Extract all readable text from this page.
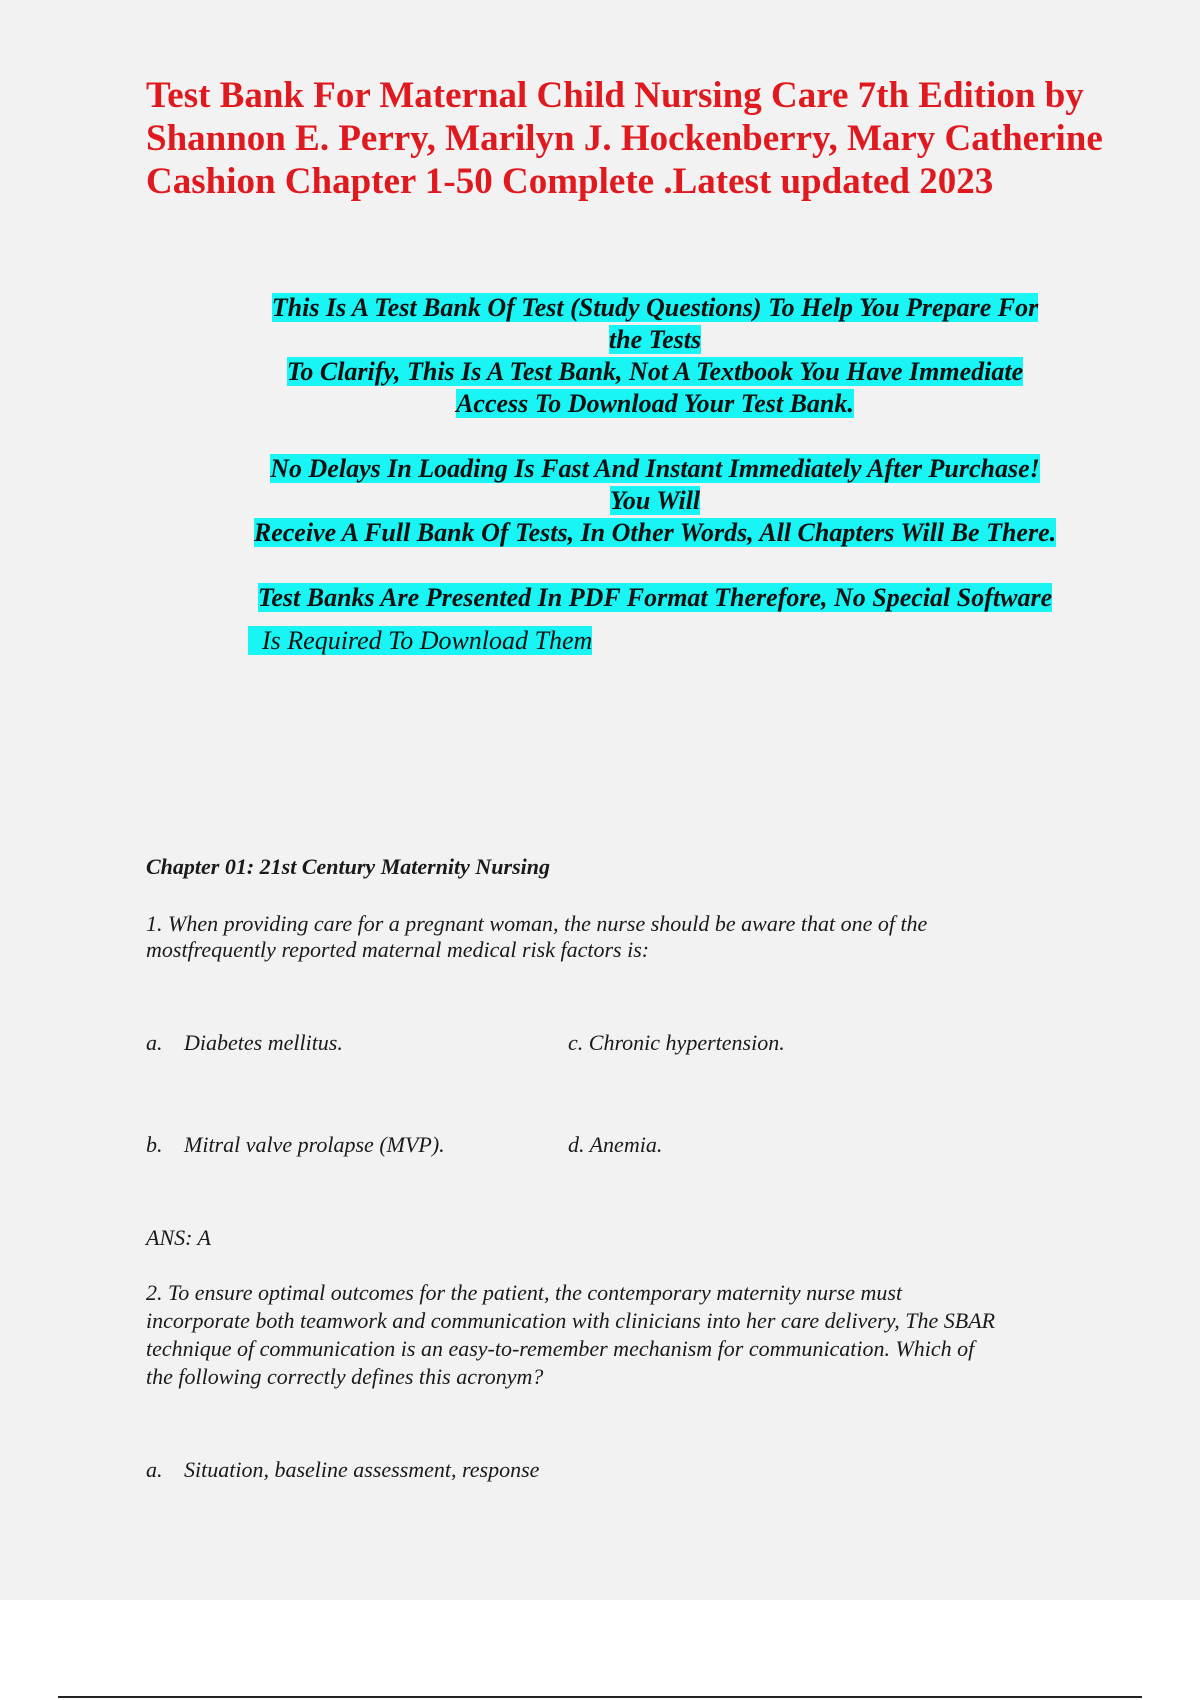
Test Bank For Maternal Child Nursing Care 7th Edition by Shannon E. Perry, Marilyn J. Hockenberry, Mary Catherine Cashion Chapter 1-50 Complete .Latest updated 2023
This Is A Test Bank Of Test (Study Questions) To Help You Prepare For
the Tests
To Clarify, This Is A Test Bank, Not A Textbook You Have Immediate
Access To Download Your Test Bank.
No Delays In Loading Is Fast And Instant Immediately After Purchase!
You Will
Receive A Full Bank Of Tests, In Other Words, All Chapters Will Be There.
Test Banks Are Presented In PDF Format Therefore, No Special Software
Is Required To Download Them

Chapter 01: 21st Century Maternity Nursing

1. When providing care for a pregnant woman, the nurse should be aware that one of the

mostfrequently reported maternal medical risk factors is:

a. Diabetes mellitus.	c. Chronic hypertension.

b. Mitral valve prolapse (MVP).	d. Anemia.

ANS: A

2. To ensure optimal outcomes for the patient, the contemporary maternity nurse must

incorporate both teamwork and communication with clinicians into her care delivery, The SBAR

technique of communication is an easy-to-remember mechanism for communication. Which of

the following correctly defines this acronym?

a. Situation, baseline assessment, response
